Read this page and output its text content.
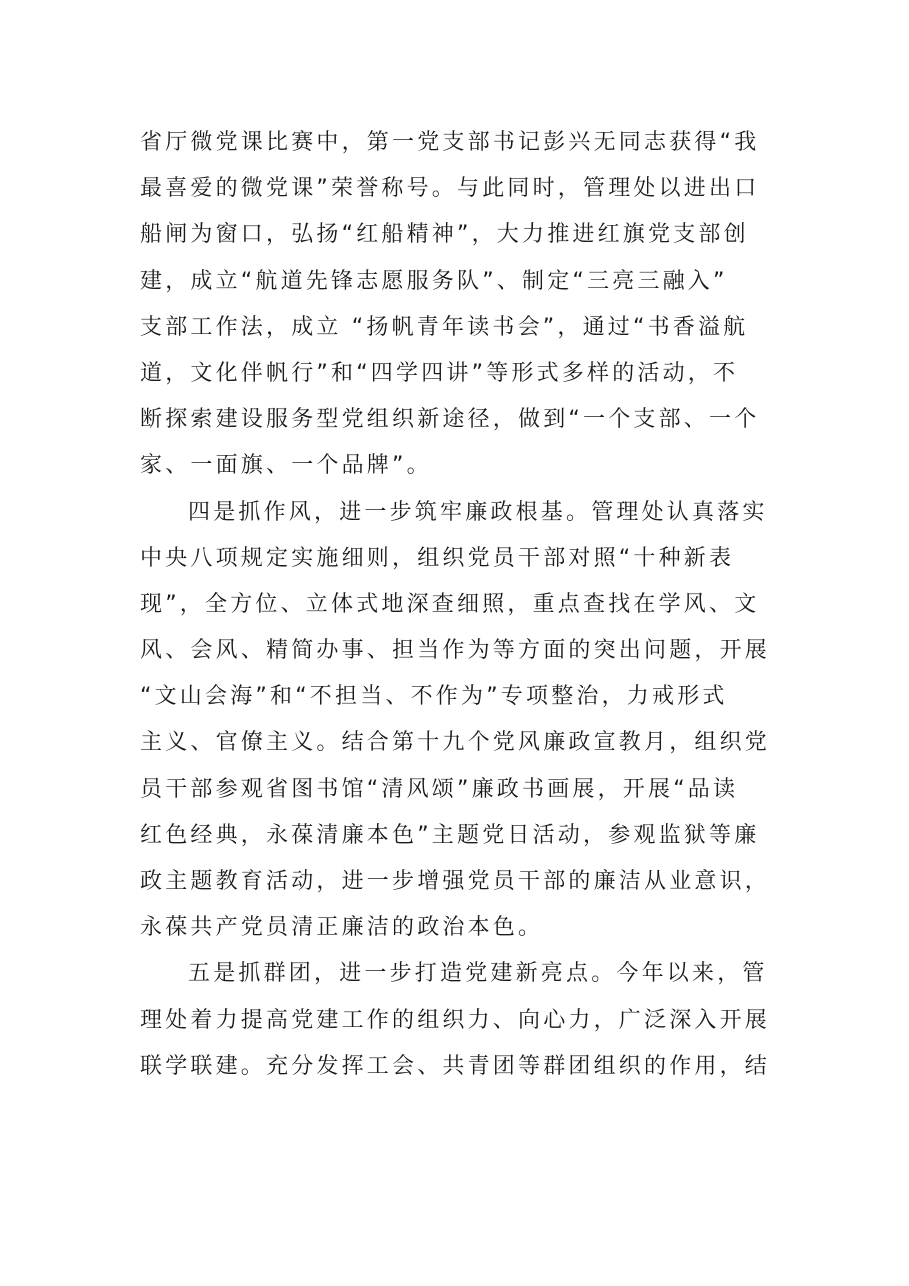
省厅微党课比赛中，第一党支部书记彭兴无同志获得“我
最喜爱的微党课”荣誉称号。与此同时，管理处以进出口
船闸为窗口，弘扬“红船精神”，大力推进红旗党支部创
建，成立“航道先锋志愿服务队”、制定“三亮三融入”
支部工作法，成立 “扬帆青年读书会”，通过“书香溢航
道，文化伴帆行”和“四学四讲”等形式多样的活动，不
断探索建设服务型党组织新途径，做到“一个支部、一个
家、一面旗、一个品牌”。
四是抓作风，进一步筑牢廉政根基。管理处认真落实
中央八项规定实施细则，组织党员干部对照“十种新表
现”，全方位、立体式地深查细照，重点查找在学风、文
风、会风、精简办事、担当作为等方面的突出问题，开展
“文山会海”和“不担当、不作为”专项整治，力戒形式
主义、官僚主义。结合第十九个党风廉政宣教月，组织党
员干部参观省图书馆“清风颂”廉政书画展，开展“品读
红色经典，永葆清廉本色”主题党日活动，参观监狱等廉
政主题教育活动，进一步增强党员干部的廉洁从业意识，
永葆共产党员清正廉洁的政治本色。
五是抓群团，进一步打造党建新亮点。今年以来，管
理处着力提高党建工作的组织力、向心力，广泛深入开展
联学联建。充分发挥工会、共青团等群团组织的作用，结
